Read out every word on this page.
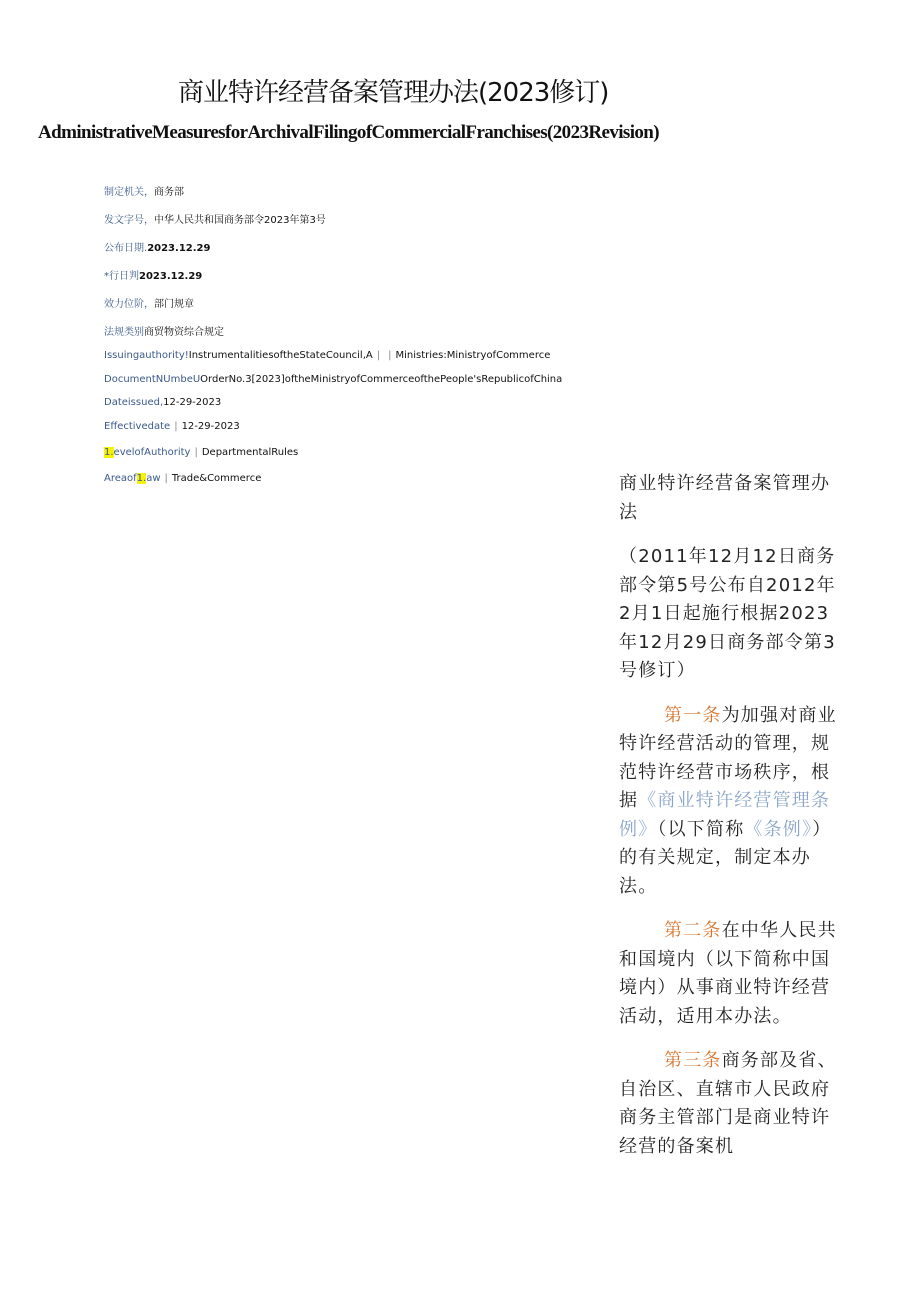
商业特许经营备案管理办法(2023修订)
AdministrativeMeasuresforArchivalFilingofCommercialFranchises(2023Revision)
制定机关，商务部
发文字号，中华人民共和国商务部令2023年第3号
公布日期.2023.12.29
*行日判2023.12.29
效力位阶，部门规章
法规类别商贸物资综合规定
Issuingauthority!InstrumentalitiesoftheStateCouncil,A | | Ministries:MinistryofCommerce
DocumentNUmbeUOrderNo.3[2023]oftheMinistryofCommerceofthePeople'sRepublicofChina
Dateissued,12-29-2023
Effectivedate | 12-29-2023
1.evelofAuthority | DepartmentalRules
Areaof1.aw | Trade&Commerce	商业特许经营备案管理办法

（2011年12月12日商务部令第5号公布自2012年2月1日起施行根据2023年12月29日商务部令第3号修订）

第一条为加强对商业特许经营活动的管理，规范特许经营市场秩序，根据《商业特许经营管理条例》（以下简称《条例》）的有关规定，制定本办法。

第二条在中华人民共和国境内（以下简称中国境内）从事商业特许经营活动，适用本办法。

第三条商务部及省、自治区、直辖市人民政府商务主管部门是商业特许经营的备案机
